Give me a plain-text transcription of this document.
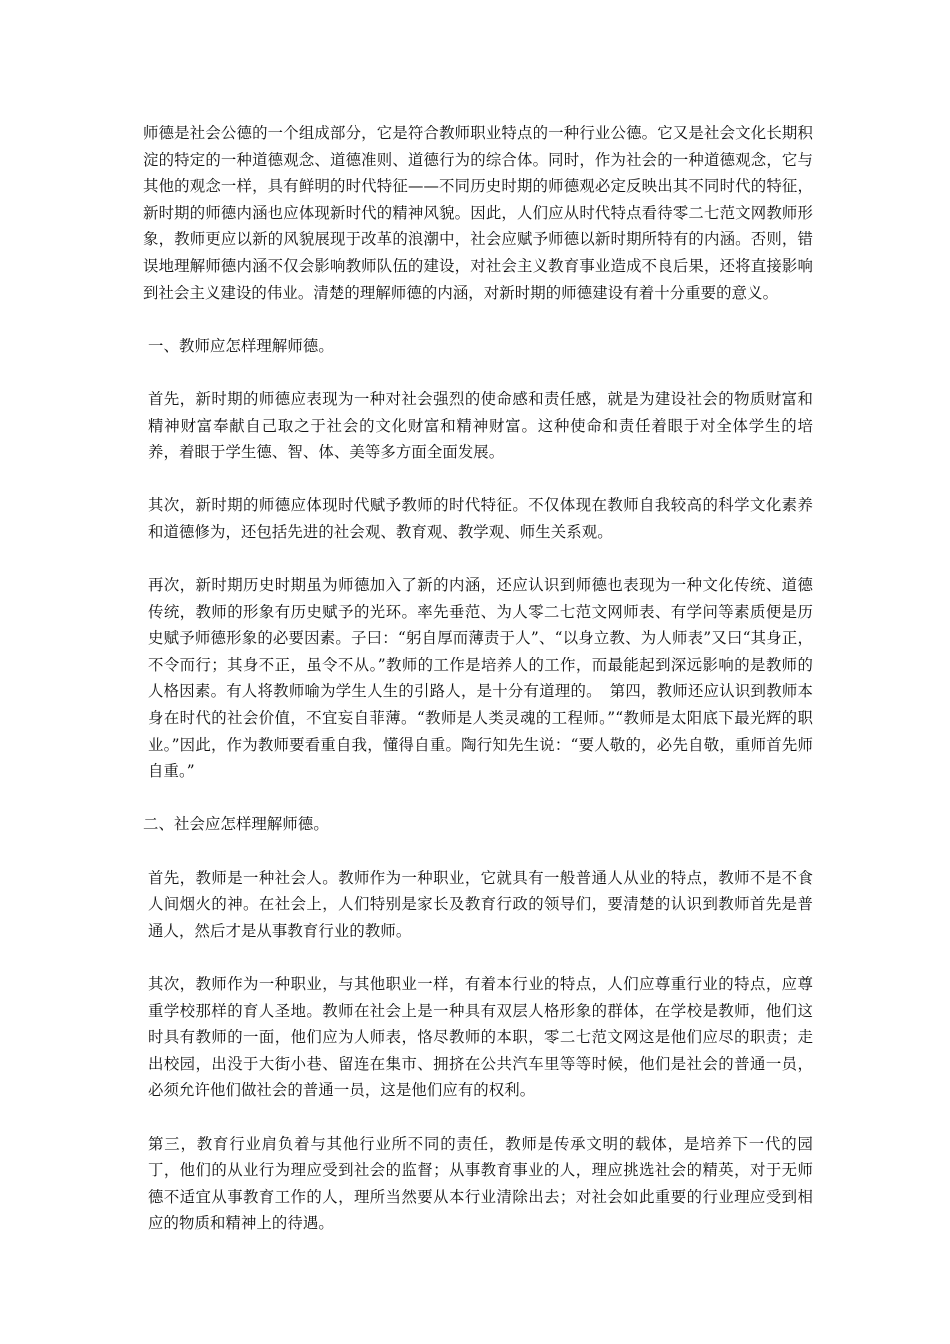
师德是社会公德的一个组成部分，它是符合教师职业特点的一种行业公德。它又是社会文化长期积淀的特定的一种道德观念、道德准则、道德行为的综合体。同时，作为社会的一种道德观念，它与其他的观念一样，具有鲜明的时代特征——不同历史时期的师德观必定反映出其不同时代的特征，新时期的师德内涵也应体现新时代的精神风貌。因此，人们应从时代特点看待零二七范文网教师形象，教师更应以新的风貌展现于改革的浪潮中，社会应赋予师德以新时期所特有的内涵。否则，错误地理解师德内涵不仅会影响教师队伍的建设，对社会主义教育事业造成不良后果，还将直接影响到社会主义建设的伟业。清楚的理解师德的内涵，对新时期的师德建设有着十分重要的意义。

一、教师应怎样理解师德。

首先，新时期的师德应表现为一种对社会强烈的使命感和责任感，就是为建设社会的物质财富和精神财富奉献自己取之于社会的文化财富和精神财富。这种使命和责任着眼于对全体学生的培养，着眼于学生德、智、体、美等多方面全面发展。

其次，新时期的师德应体现时代赋予教师的时代特征。不仅体现在教师自我较高的科学文化素养和道德修为，还包括先进的社会观、教育观、教学观、师生关系观。

再次，新时期历史时期虽为师德加入了新的内涵，还应认识到师德也表现为一种文化传统、道德传统，教师的形象有历史赋予的光环。率先垂范、为人零二七范文网师表、有学问等素质便是历史赋予师德形象的必要因素。子曰：“躬自厚而薄责于人”、“以身立教、为人师表”又曰“其身正，不令而行；其身不正，虽令不从。”教师的工作是培养人的工作，而最能起到深远影响的是教师的人格因素。有人将教师喻为学生人生的引路人，是十分有道理的。　第四，教师还应认识到教师本身在时代的社会价值，不宜妄自菲薄。“教师是人类灵魂的工程师。”“教师是太阳底下最光辉的职业。”因此，作为教师要看重自我，懂得自重。陶行知先生说：“要人敬的，必先自敬，重师首先师自重。”

二、社会应怎样理解师德。

首先，教师是一种社会人。教师作为一种职业，它就具有一般普通人从业的特点，教师不是不食人间烟火的神。在社会上，人们特别是家长及教育行政的领导们，要清楚的认识到教师首先是普通人，然后才是从事教育行业的教师。

其次，教师作为一种职业，与其他职业一样，有着本行业的特点，人们应尊重行业的特点，应尊重学校那样的育人圣地。教师在社会上是一种具有双层人格形象的群体，在学校是教师，他们这时具有教师的一面，他们应为人师表，恪尽教师的本职，零二七范文网这是他们应尽的职责；走出校园，出没于大街小巷、留连在集市、拥挤在公共汽车里等等时候，他们是社会的普通一员，必须允许他们做社会的普通一员，这是他们应有的权利。

第三，教育行业肩负着与其他行业所不同的责任，教师是传承文明的载体，是培养下一代的园丁，他们的从业行为理应受到社会的监督；从事教育事业的人，理应挑选社会的精英，对于无师德不适宜从事教育工作的人，理所当然要从本行业清除出去；对社会如此重要的行业理应受到相应的物质和精神上的待遇。
